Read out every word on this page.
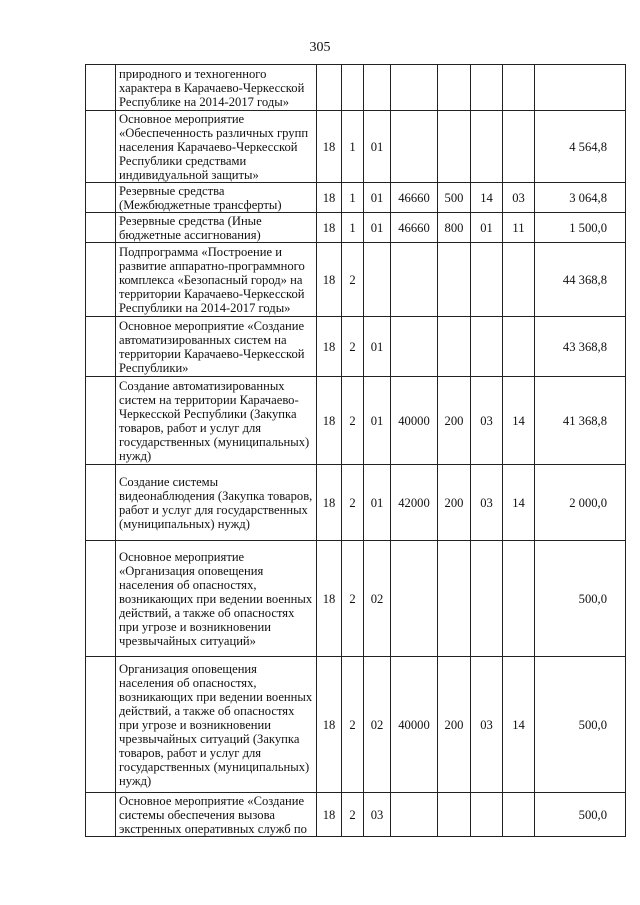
305
	природного и техногенного характера в Карачаево-Черкесской Республике на 2014-2017 годы»								
	Основное мероприятие «Обеспеченность различных групп населения Карачаево-Черкесской Республики средствами индивидуальной защиты»	18	1	01					4 564,8
	Резервные средства (Межбюджетные трансферты)	18	1	01	46660	500	14	03	3 064,8
	Резервные средства (Иные бюджетные ассигнования)	18	1	01	46660	800	01	11	1 500,0
	Подпрограмма «Построение и развитие аппаратно-программного комплекса «Безопасный город» на территории Карачаево-Черкесской Республики на 2014-2017 годы»	18	2						44 368,8
	Основное мероприятие «Создание автоматизированных систем на территории Карачаево-Черкесской Республики»	18	2	01					43 368,8
	Создание автоматизированных систем на территории Карачаево-Черкесской Республики (Закупка товаров, работ и услуг для государственных (муниципальных) нужд)	18	2	01	40000	200	03	14	41 368,8
	Создание системы видеонаблюдения (Закупка товаров, работ и услуг для государственных (муниципальных) нужд)	18	2	01	42000	200	03	14	2 000,0
	Основное мероприятие «Организация оповещения населения об опасностях, возникающих при ведении военных действий, а также об опасностях при угрозе и возникновении чрезвычайных ситуаций»	18	2	02					500,0
	Организация оповещения населения об опасностях, возникающих при ведении военных действий, а также об опасностях при угрозе и возникновении чрезвычайных ситуаций (Закупка товаров, работ и услуг для государственных (муниципальных) нужд)	18	2	02	40000	200	03	14	500,0
	Основное мероприятие «Создание системы обеспечения вызова экстренных оперативных служб по	18	2	03					500,0
